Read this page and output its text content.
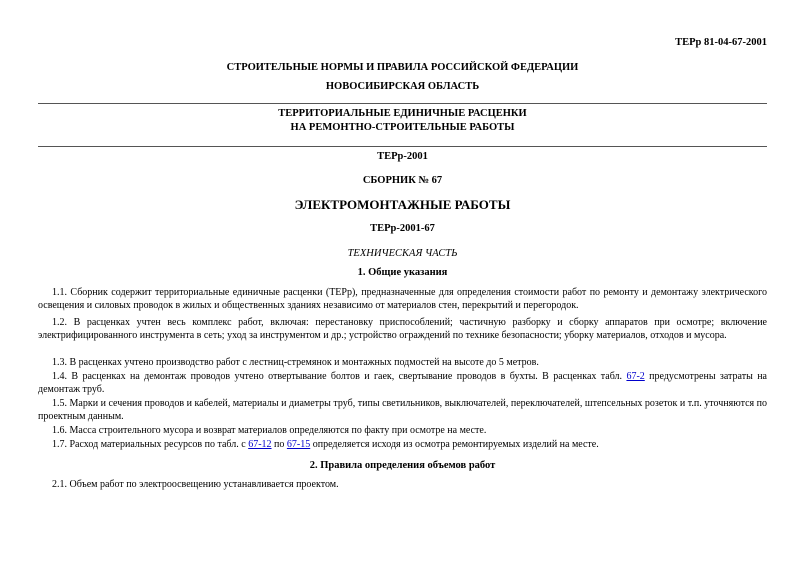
ТЕРр 81-04-67-2001
СТРОИТЕЛЬНЫЕ НОРМЫ И ПРАВИЛА РОССИЙСКОЙ ФЕДЕРАЦИИ
НОВОСИБИРСКАЯ ОБЛАСТЬ
ТЕРРИТОРИАЛЬНЫЕ ЕДИНИЧНЫЕ РАСЦЕНКИ
НА РЕМОНТНО-СТРОИТЕЛЬНЫЕ РАБОТЫ
ТЕРр-2001
СБОРНИК № 67
ЭЛЕКТРОМОНТАЖНЫЕ РАБОТЫ
ТЕРр-2001-67
ТЕХНИЧЕСКАЯ ЧАСТЬ
1. Общие указания
1.1. Сборник содержит территориальные единичные расценки (ТЕРр), предназначенные для определения стоимости работ по ремонту и демонтажу электрического освещения и силовых проводок в жилых и общественных зданиях независимо от материалов стен, перекрытий и перегородок.
1.2. В расценках учтен весь комплекс работ, включая: перестановку приспособлений; частичную разборку и сборку аппаратов при осмотре; включение электрифицированного инструмента в сеть; уход за инструментом и др.; устройство ограждений по технике безопасности; уборку материалов, отходов и мусора.
1.3. В расценках учтено производство работ с лестниц-стремянок и монтажных подмостей на высоте до 5 метров.
1.4. В расценках на демонтаж проводов учтено отвертывание болтов и гаек, свертывание проводов в бухты. В расценках табл. 67-2 предусмотрены затраты на демонтаж труб.
1.5. Марки и сечения проводов и кабелей, материалы и диаметры труб, типы светильников, выключателей, переключателей, штепсельных розеток и т.п. уточняются по проектным данным.
1.6. Масса строительного мусора и возврат материалов определяются по факту при осмотре на месте.
1.7. Расход материальных ресурсов по табл. с 67-12 по 67-15 определяется исходя из осмотра ремонтируемых изделий на месте.
2. Правила определения объемов работ
2.1. Объем работ по электроосвещению устанавливается проектом.
